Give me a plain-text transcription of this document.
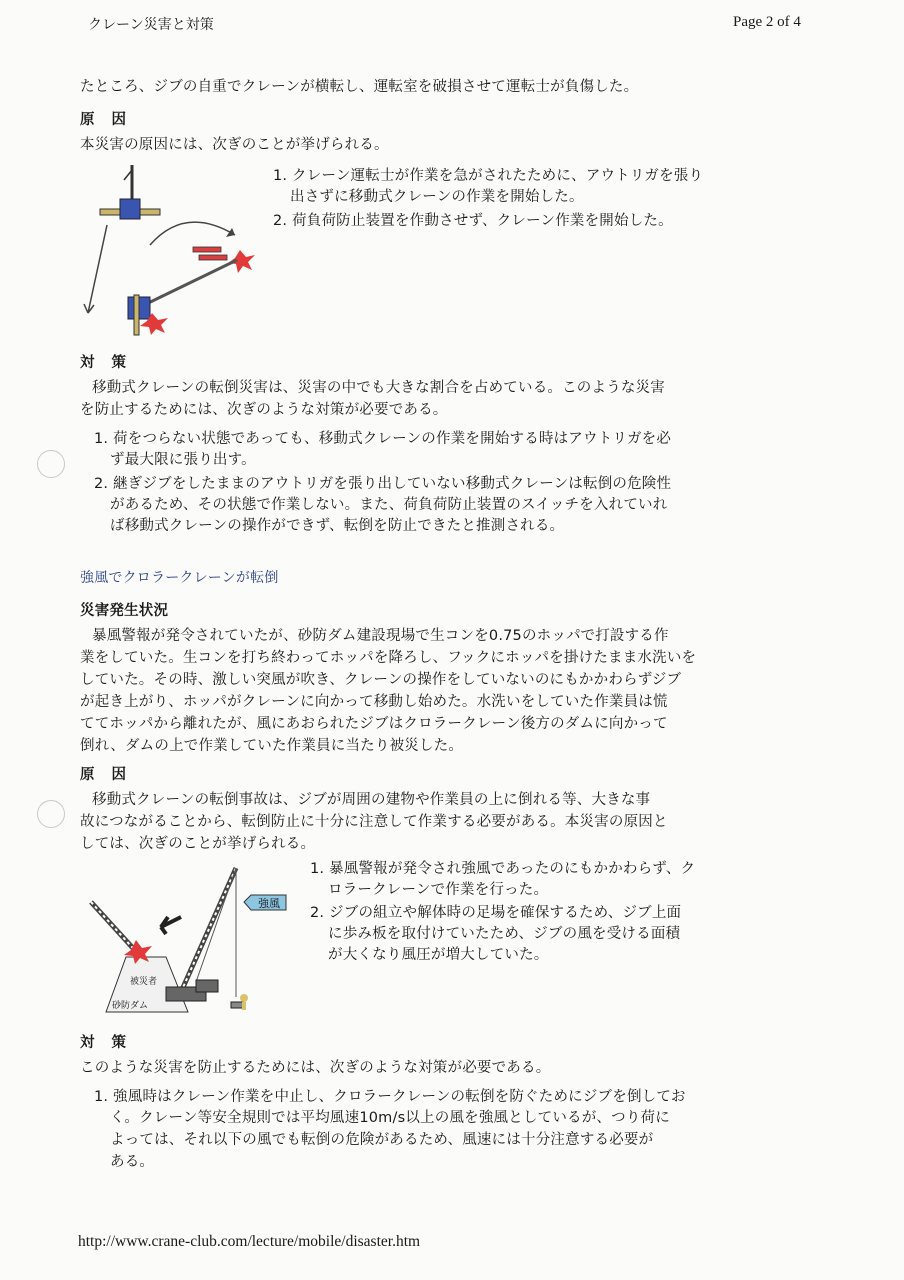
クレーン災害と対策	Page 2 of 4
たところ、ジブの自重でクレーンが横転し、運転室を破損させて運転士が負傷した。
原 因
本災害の原因には、次ぎのことが挙げられる。
1. クレーン運転士が作業を急がされたために、アウトリガを張り
出さずに移動式クレーンの作業を開始した。
2. 荷負荷防止装置を作動させず、クレーン作業を開始した。
対 策
移動式クレーンの転倒災害は、災害の中でも大きな割合を占めている。このような災害
を防止するためには、次ぎのような対策が必要である。
1. 荷をつらない状態であっても、移動式クレーンの作業を開始する時はアウトリガを必
ず最大限に張り出す。
2. 継ぎジブをしたままのアウトリガを張り出していない移動式クレーンは転倒の危険性
があるため、その状態で作業しない。また、荷負荷防止装置のスイッチを入れていれ
ば移動式クレーンの操作ができず、転倒を防止できたと推測される。
強風でクロラークレーンが転倒
災害発生状況
暴風警報が発令されていたが、砂防ダム建設現場で生コンを0.75のホッパで打設する作
業をしていた。生コンを打ち終わってホッパを降ろし、フックにホッパを掛けたまま水洗いを
していた。その時、激しい突風が吹き、クレーンの操作をしていないのにもかかわらずジブ
が起き上がり、ホッパがクレーンに向かって移動し始めた。水洗いをしていた作業員は慌
ててホッパから離れたが、風にあおられたジブはクロラークレーン後方のダムに向かって
倒れ、ダムの上で作業していた作業員に当たり被災した。
原 因
移動式クレーンの転倒事故は、ジブが周囲の建物や作業員の上に倒れる等、大きな事
故につながることから、転倒防止に十分に注意して作業する必要がある。本災害の原因と
しては、次ぎのことが挙げられる。
砂防ダム
被災者
強風
1. 暴風警報が発令され強風であったのにもかかわらず、ク
ロラークレーンで作業を行った。
2. ジブの組立や解体時の足場を確保するため、ジブ上面
に歩み板を取付けていたため、ジブの風を受ける面積
が大くなり風圧が増大していた。
対 策
このような災害を防止するためには、次ぎのような対策が必要である。
1. 強風時はクレーン作業を中止し、クロラークレーンの転倒を防ぐためにジブを倒してお
く。クレーン等安全規則では平均風速10m/s以上の風を強風としているが、つり荷に
よっては、それ以下の風でも転倒の危険があるため、風速には十分注意する必要が
ある。
http://www.crane-club.com/lecture/mobile/disaster.htm
